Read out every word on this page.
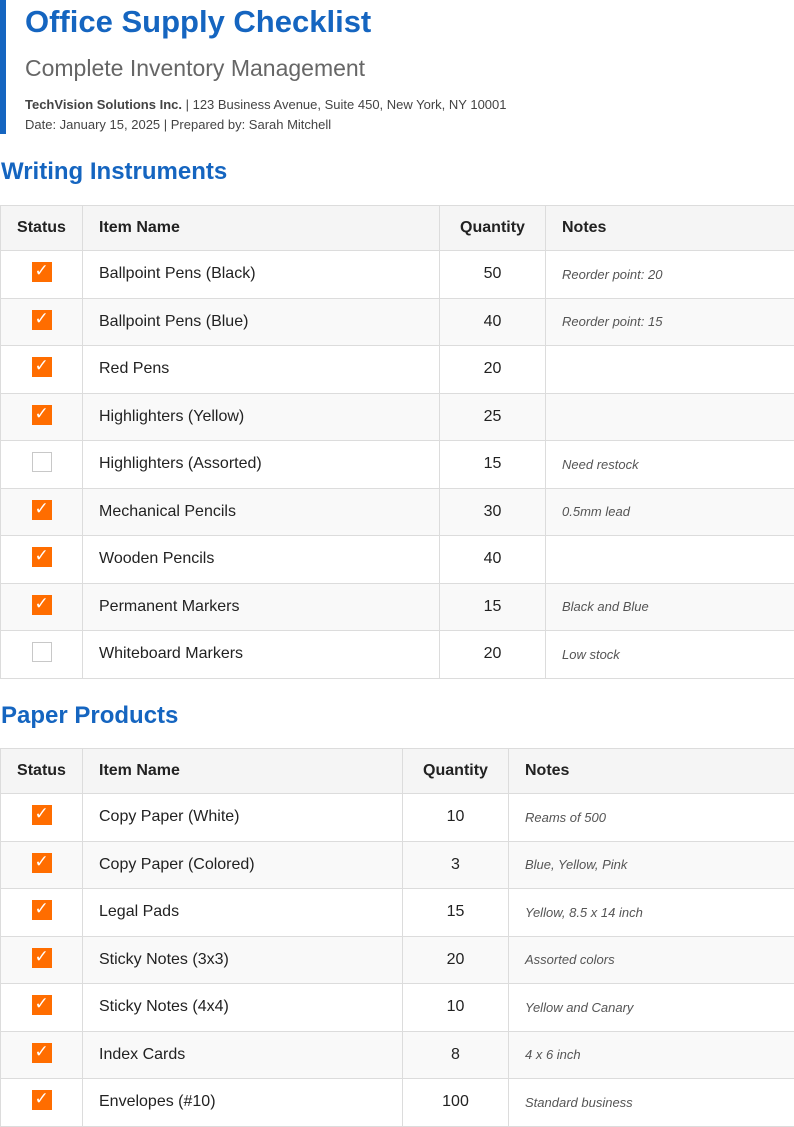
Office Supply Checklist
Complete Inventory Management
TechVision Solutions Inc. | 123 Business Avenue, Suite 450, New York, NY 10001
Date: January 15, 2025 | Prepared by: Sarah Mitchell
Writing Instruments
Status	Item Name	Quantity	Notes
✓	Ballpoint Pens (Black)	50	Reorder point: 20
✓	Ballpoint Pens (Blue)	40	Reorder point: 15
✓	Red Pens	20	
✓	Highlighters (Yellow)	25	
	Highlighters (Assorted)	15	Need restock
✓	Mechanical Pencils	30	0.5mm lead
✓	Wooden Pencils	40	
✓	Permanent Markers	15	Black and Blue
	Whiteboard Markers	20	Low stock
Paper Products
Status	Item Name	Quantity	Notes
✓	Copy Paper (White)	10	Reams of 500
✓	Copy Paper (Colored)	3	Blue, Yellow, Pink
✓	Legal Pads	15	Yellow, 8.5 x 14 inch
✓	Sticky Notes (3x3)	20	Assorted colors
✓	Sticky Notes (4x4)	10	Yellow and Canary
✓	Index Cards	8	4 x 6 inch
✓	Envelopes (#10)	100	Standard business
